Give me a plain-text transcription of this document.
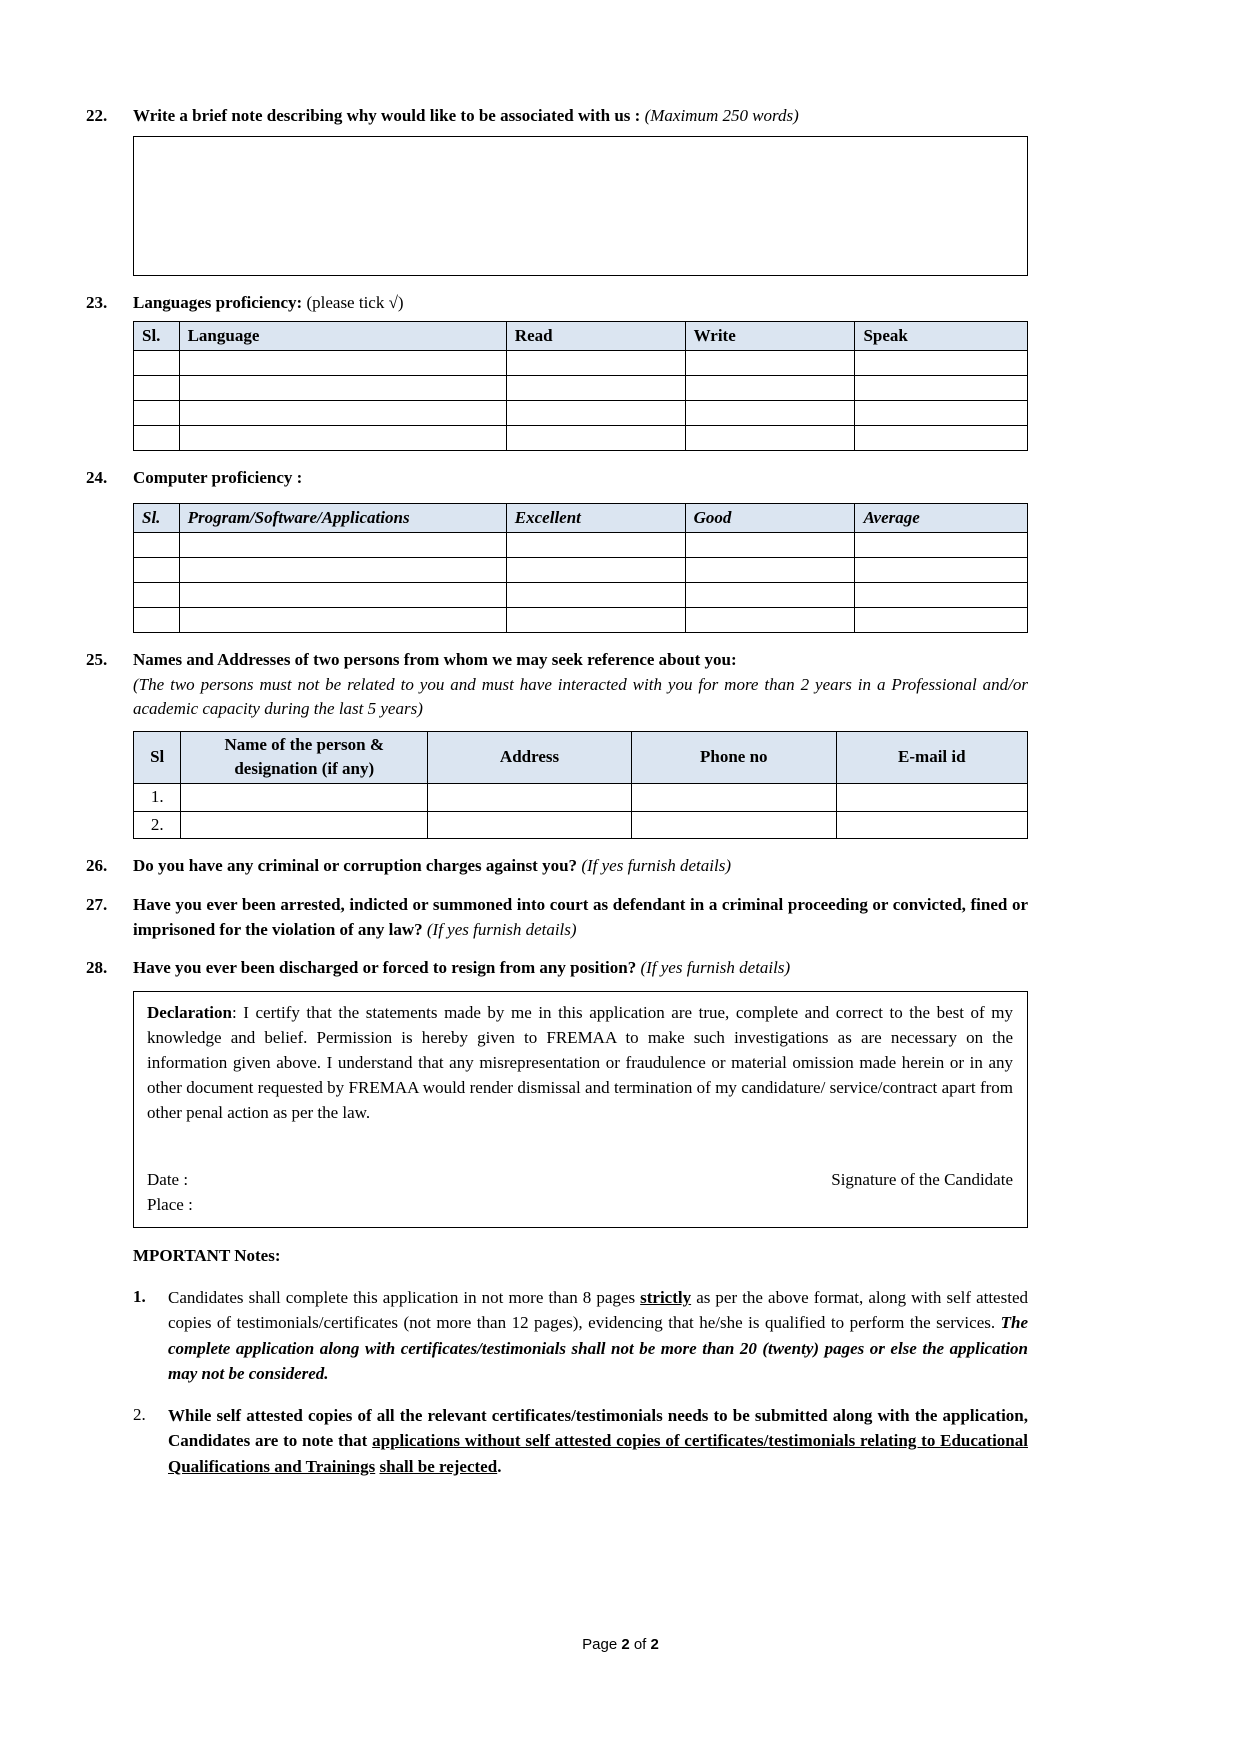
22.	Write a brief note describing why would like to be associated with us : (Maximum 250 words)
23.	Languages proficiency: (please tick √)
Sl.	Language	Read	Write	Speak

24.	Computer proficiency :
Sl.	Program/Software/Applications	Excellent	Good	Average

25.	Names and Addresses of two persons from whom we may seek reference about you:
(The two persons must not be related to you and must have interacted with you for more than 2 years in a Professional and/or academic capacity during the last 5 years)
Sl	Name of the person & designation (if any)	Address	Phone no	E-mail id
1.				
2.				
26.	Do you have any criminal or corruption charges against you? (If yes furnish details)
27.	Have you ever been arrested, indicted or summoned into court as defendant in a criminal proceeding or convicted, fined or imprisoned for the violation of any law? (If yes furnish details)
28.	Have you ever been discharged or forced to resign from any position? (If yes furnish details)
Declaration: I certify that the statements made by me in this application are true, complete and correct to the best of my knowledge and belief. Permission is hereby given to FREMAA to make such investigations as are necessary on the information given above. I understand that any misrepresentation or fraudulence or material omission made herein or in any other document requested by FREMAA would render dismissal and termination of my candidature/ service/contract apart from other penal action as per the law.
Date :
Place :
Signature of the Candidate
MPORTANT Notes:
1.	Candidates shall complete this application in not more than 8 pages strictly as per the above format, along with self attested copies of testimonials/certificates (not more than 12 pages), evidencing that he/she is qualified to perform the services. The complete application along with certificates/testimonials shall not be more than 20 (twenty) pages or else the application may not be considered.
2.	While self attested copies of all the relevant certificates/testimonials needs to be submitted along with the application, Candidates are to note that applications without self attested copies of certificates/testimonials relating to Educational Qualifications and Trainings shall be rejected.
Page 2 of 2
